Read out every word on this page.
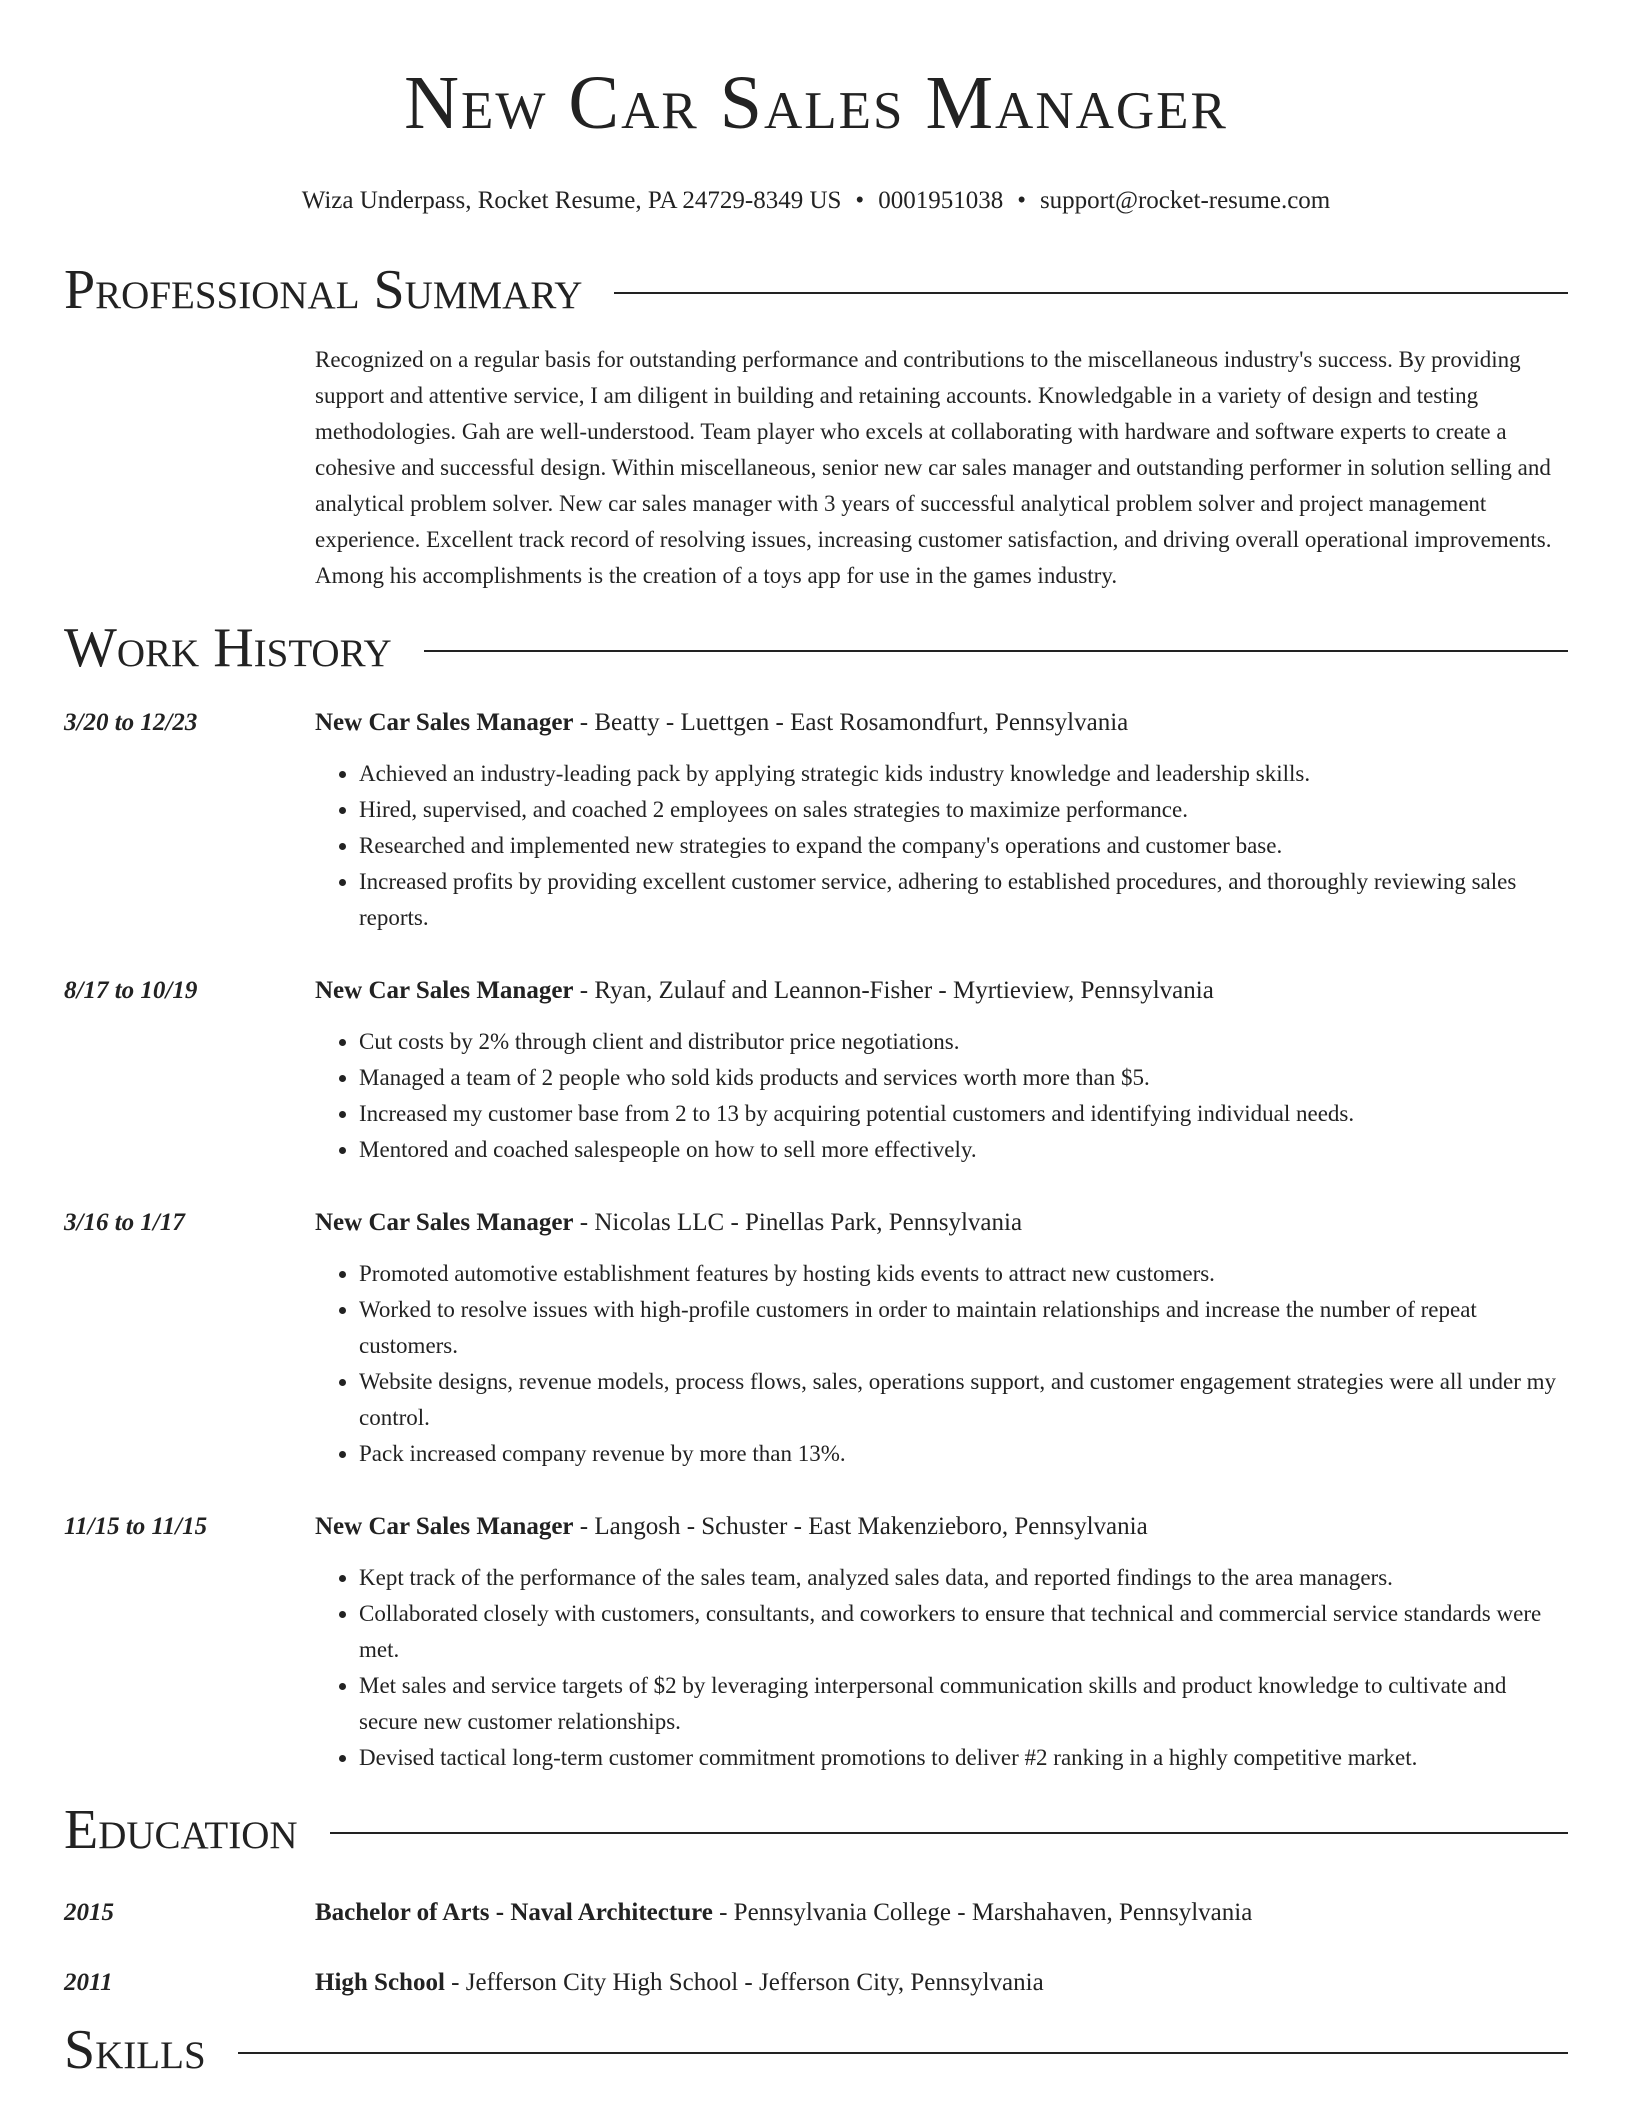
New Car Sales Manager
Wiza Underpass, Rocket Resume, PA 24729-8349 US • 0001951038 • support@rocket-resume.com
Professional Summary
Recognized on a regular basis for outstanding performance and contributions to the miscellaneous industry's success. By providing support and attentive service, I am diligent in building and retaining accounts. Knowledgable in a variety of design and testing methodologies. Gah are well-understood. Team player who excels at collaborating with hardware and software experts to create a cohesive and successful design. Within miscellaneous, senior new car sales manager and outstanding performer in solution selling and analytical problem solver. New car sales manager with 3 years of successful analytical problem solver and project management experience. Excellent track record of resolving issues, increasing customer satisfaction, and driving overall operational improvements. Among his accomplishments is the creation of a toys app for use in the games industry.
Work History
3/20 to 12/23	New Car Sales Manager - Beatty - Luettgen - East Rosamondfurt, Pennsylvania
• Achieved an industry-leading pack by applying strategic kids industry knowledge and leadership skills.
• Hired, supervised, and coached 2 employees on sales strategies to maximize performance.
• Researched and implemented new strategies to expand the company's operations and customer base.
• Increased profits by providing excellent customer service, adhering to established procedures, and thoroughly reviewing sales reports.
8/17 to 10/19	New Car Sales Manager - Ryan, Zulauf and Leannon-Fisher - Myrtieview, Pennsylvania
• Cut costs by 2% through client and distributor price negotiations.
• Managed a team of 2 people who sold kids products and services worth more than $5.
• Increased my customer base from 2 to 13 by acquiring potential customers and identifying individual needs.
• Mentored and coached salespeople on how to sell more effectively.
3/16 to 1/17	New Car Sales Manager - Nicolas LLC - Pinellas Park, Pennsylvania
• Promoted automotive establishment features by hosting kids events to attract new customers.
• Worked to resolve issues with high-profile customers in order to maintain relationships and increase the number of repeat customers.
• Website designs, revenue models, process flows, sales, operations support, and customer engagement strategies were all under my control.
• Pack increased company revenue by more than 13%.
11/15 to 11/15	New Car Sales Manager - Langosh - Schuster - East Makenzieboro, Pennsylvania
• Kept track of the performance of the sales team, analyzed sales data, and reported findings to the area managers.
• Collaborated closely with customers, consultants, and coworkers to ensure that technical and commercial service standards were met.
• Met sales and service targets of $2 by leveraging interpersonal communication skills and product knowledge to cultivate and secure new customer relationships.
• Devised tactical long-term customer commitment promotions to deliver #2 ranking in a highly competitive market.
Education
2015	Bachelor of Arts - Naval Architecture - Pennsylvania College - Marshahaven, Pennsylvania
2011	High School - Jefferson City High School - Jefferson City, Pennsylvania
Skills
